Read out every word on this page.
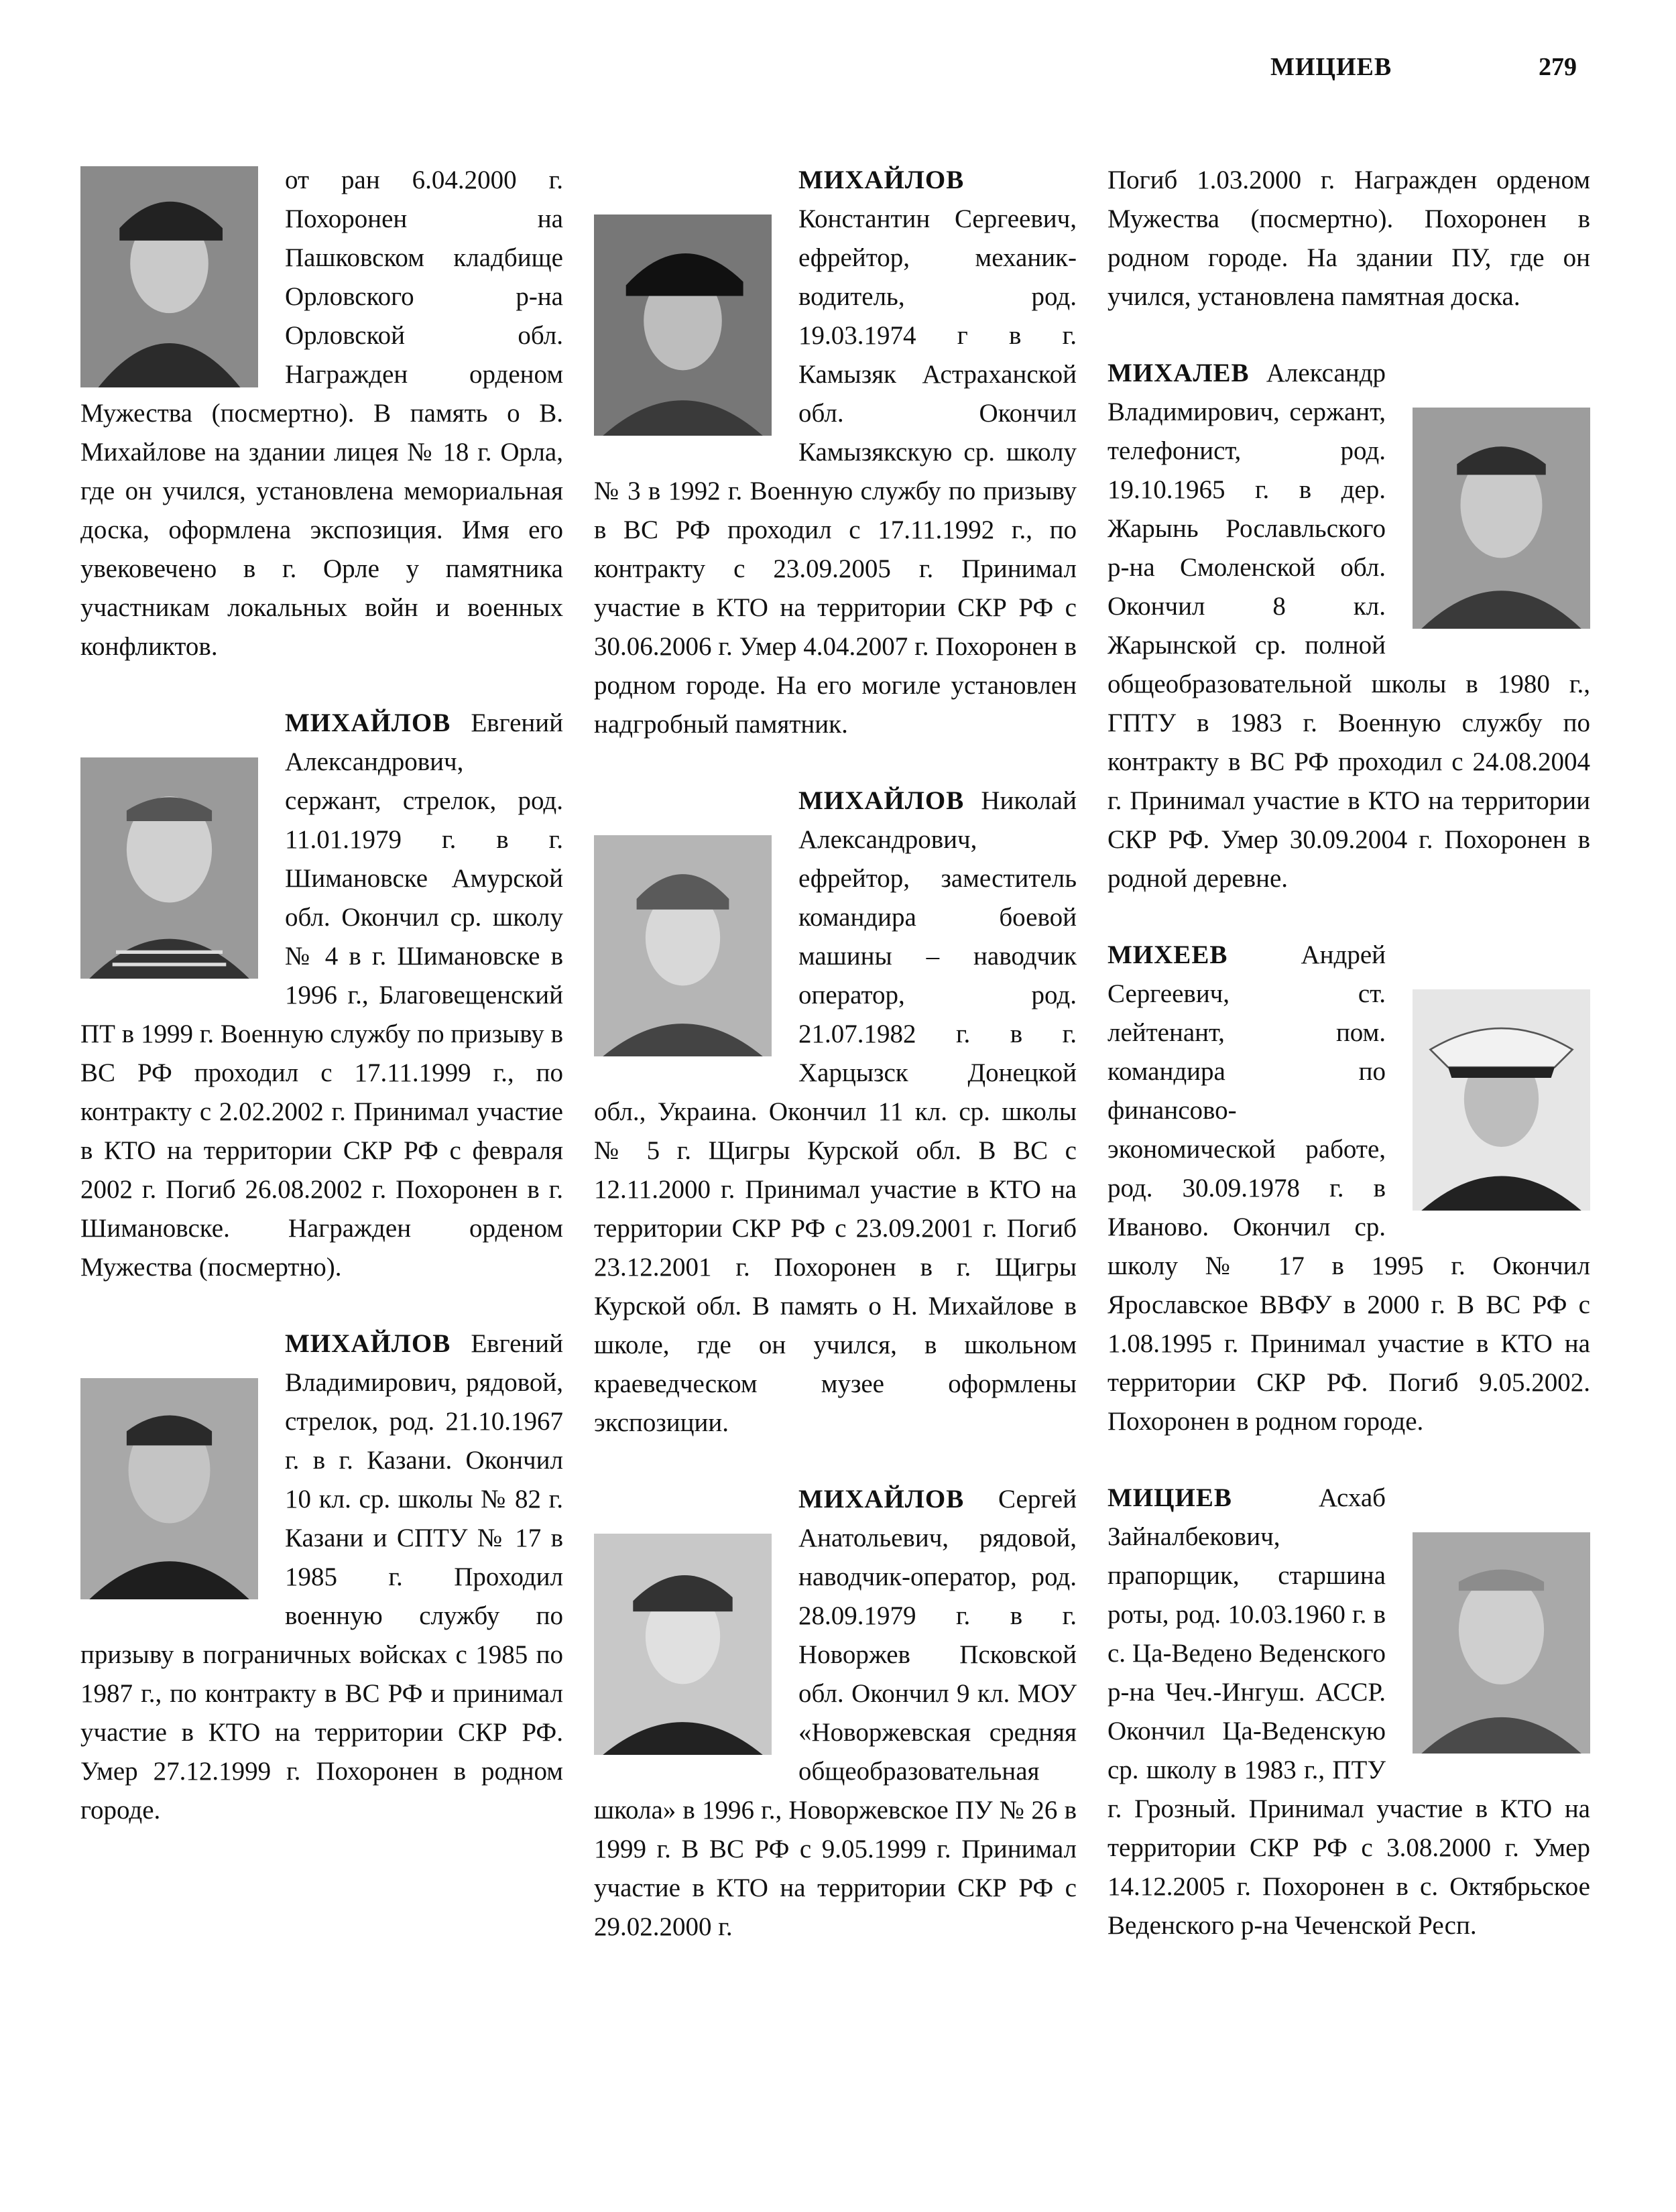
МИЦИЕВ	279

от ран 6.04.2000 г. Похоронен на Пашковском кладбище Орловского р-на Орловской обл. Награжден орденом Мужества (посмертно). В память о В. Михайлове на здании лицея № 18 г. Орла, где он учился, установлена мемориальная доска, оформлена экспозиция. Имя его увековечено в г. Орле у памятника участникам локальных войн и военных конфликтов.

МИХАЙЛОВ Евгений Александрович, сержант, стрелок, род. 11.01.1979 г. в г. Шимановске Амурской обл. Окончил ср. школу № 4 в г. Шимановске в 1996 г., Благовещенский ПТ в 1999 г. Военную службу по призыву в ВС РФ проходил с 17.11.1999 г., по контракту с 2.02.2002 г. Принимал участие в КТО на территории СКР РФ с февраля 2002 г. Погиб 26.08.2002 г. Похоронен в г. Шимановске. Награжден орденом Мужества (посмертно).

МИХАЙЛОВ Евгений Владимирович, рядовой, стрелок, род. 21.10.1967 г. в г. Казани. Окончил 10 кл. ср. школы № 82 г. Казани и СПТУ № 17 в 1985 г. Проходил военную службу по призыву в пограничных войсках с 1985 по 1987 г., по контракту в ВС РФ и принимал участие в КТО на территории СКР РФ. Умер 27.12.1999 г. Похоронен в родном городе.

МИХАЙЛОВ Константин Сергеевич, ефрейтор, механик-водитель, род. 19.03.1974 г в г. Камызяк Астраханской обл. Окончил Камызякскую ср. школу № 3 в 1992 г. Военную службу по призыву в ВС РФ проходил с 17.11.1992 г., по контракту с 23.09.2005 г. Принимал участие в КТО на территории СКР РФ с 30.06.2006 г. Умер 4.04.2007 г. Похоронен в родном городе. На его могиле установлен надгробный памятник.

МИХАЙЛОВ Николай Александрович, ефрейтор, заместитель командира боевой машины – наводчик оператор, род. 21.07.1982 г. в г. Харцызск Донецкой обл., Украина. Окончил 11 кл. ср. школы № 5 г. Щигры Курской обл. В ВС с 12.11.2000 г. Принимал участие в КТО на территории СКР РФ с 23.09.2001 г. Погиб 23.12.2001 г. Похоронен в г. Щигры Курской обл. В память о Н. Михайлове в школе, где он учился, в школьном краеведческом музее оформлены экспозиции.

МИХАЙЛОВ Сергей Анатольевич, рядовой, наводчик-оператор, род. 28.09.1979 г. в г. Новоржев Псковской обл. Окончил 9 кл. МОУ «Новоржевская средняя общеобразовательная школа» в 1996 г., Новоржевское ПУ № 26 в 1999 г. В ВС РФ с 9.05.1999 г. Принимал участие в КТО на территории СКР РФ с 29.02.2000 г.

Погиб 1.03.2000 г. Награжден орденом Мужества (посмертно). Похоронен в родном городе. На здании ПУ, где он учился, установлена памятная доска.

МИХАЛЕВ Александр Владимирович, сержант, телефонист, род. 19.10.1965 г. в дер. Жарынь Рославльского р-на Смоленской обл. Окончил 8 кл. Жарынской ср. полной общеобразовательной школы в 1980 г., ГПТУ в 1983 г. Военную службу по контракту в ВС РФ проходил с 24.08.2004 г. Принимал участие в КТО на территории СКР РФ. Умер 30.09.2004 г. Похоронен в родной деревне.

МИХЕЕВ	Андрей Сергеевич, ст. лейтенант, пом. командира по финансово-экономической работе, род. 30.09.1978 г. в Иваново. Окончил ср. школу № 17 в 1995 г. Окончил Ярославское ВВФУ в 2000 г. В ВС РФ с 1.08.1995 г. Принимал участие в КТО на территории СКР РФ. Погиб 9.05.2002. Похоронен в родном городе.

МИЦИЕВ	Асхаб Зайналбекович, прапорщик, старшина роты, род. 10.03.1960 г. в с. Ца-Ведено Веденского р-на Чеч.-Ингуш. АССР. Окончил Ца-Веденскую ср. школу в 1983 г., ПТУ г. Грозный. Принимал участие в КТО на территории СКР РФ с 3.08.2000 г. Умер 14.12.2005 г. Похоронен в с. Октябрьское Веденского р-на Чеченской Респ.
